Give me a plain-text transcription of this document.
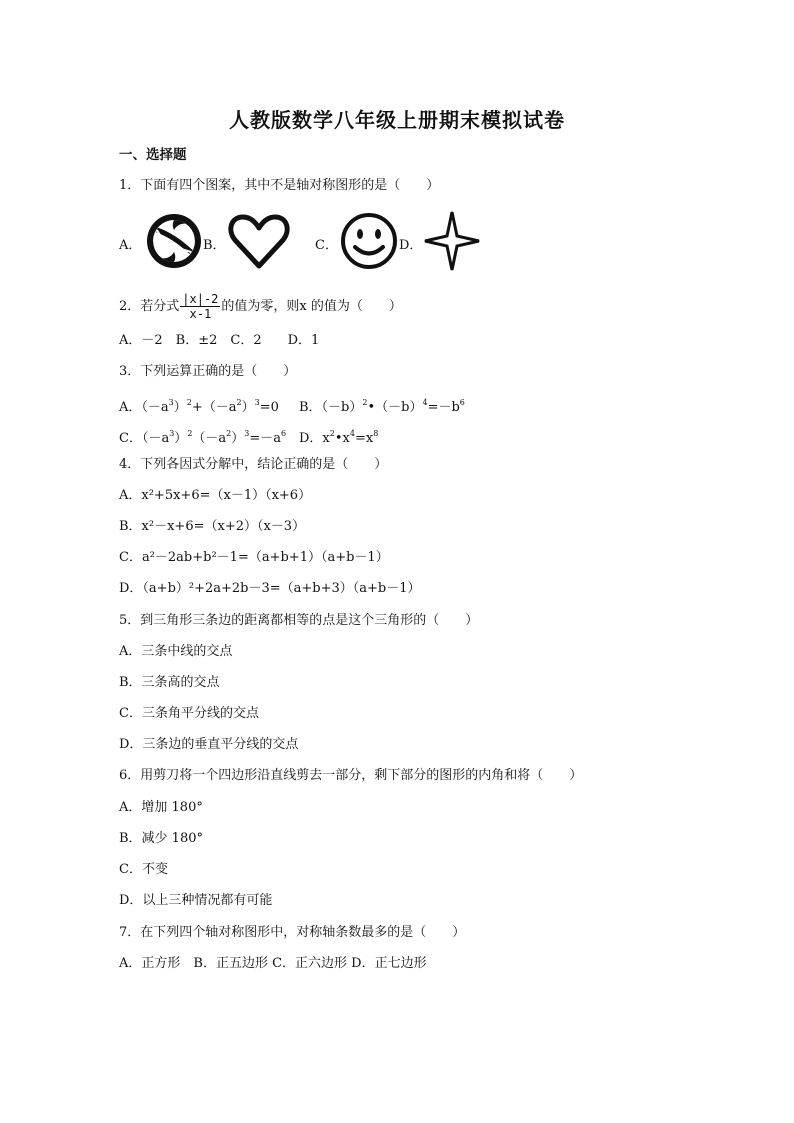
人教版数学八年级上册期末模拟试卷
一、选择题
1．下面有四个图案，其中不是轴对称图形的是（　　）
A．	B．	C．	D．
2．若分式 $\frac{|x|-2}{x-1}$ 的值为零，则x 的值为（　　）
A．－2　B．±2　C．2　　D．1
3．下列运算正确的是（　　）
A．$(-a^3)^2+(-a^2)^3=0$ B．$(-b)^2•(-b)^4=-b^6$
C．$(-a^3)^2(-a^2)^3=-a^6$ D．$x^2•x^4=x^8$
4．下列各因式分解中，结论正确的是（　　）
A．x²+5x+6=（x－1）（x+6）
B．x²－x+6=（x+2）（x－3）
C．a²－2ab+b²－1=（a+b+1）（a+b－1）
D．（a+b）²+2a+2b－3=（a+b+3）（a+b－1）
5．到三角形三条边的距离都相等的点是这个三角形的（　　）
A．三条中线的交点
B．三条高的交点
C．三条角平分线的交点
D．三条边的垂直平分线的交点
6．用剪刀将一个四边形沿直线剪去一部分，剩下部分的图形的内角和将（　　）
A．增加 180°
B．减少 180°
C．不变
D．以上三种情况都有可能
7．在下列四个轴对称图形中，对称轴条数最多的是（　　）
A．正方形　B．正五边形 C．正六边形 D．正七边形
